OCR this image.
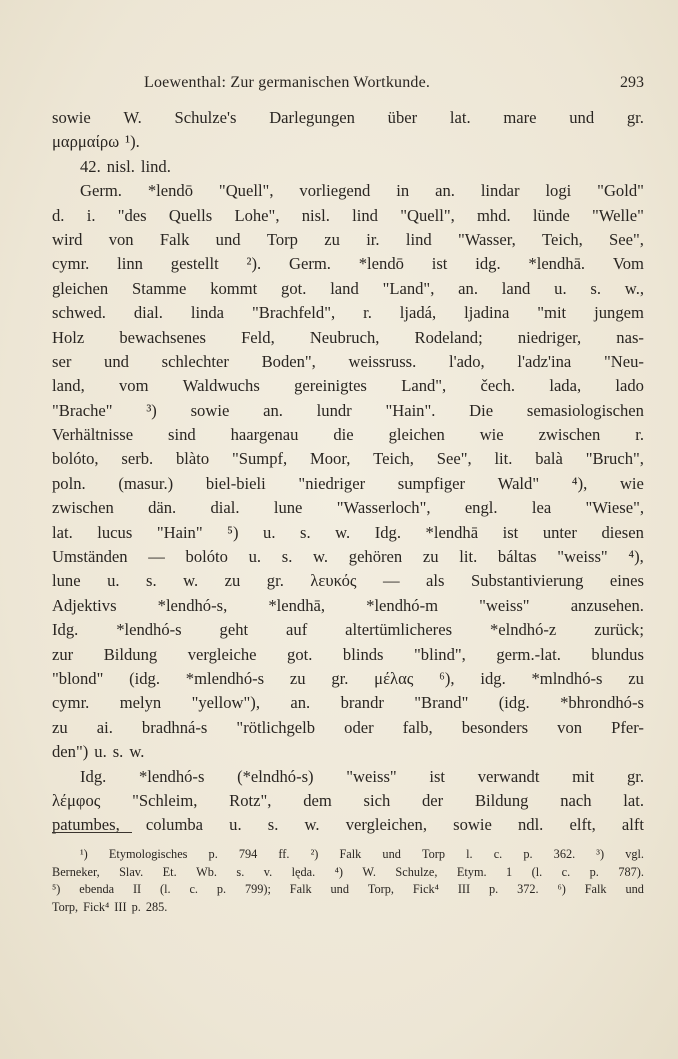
Loewenthal: Zur germanischen Wortkunde.	293
sowie W. Schulze's Darlegungen über lat. mare und gr.
μαρμαίρω ¹).
42. nisl. lind.
Germ. *lendō "Quell", vorliegend in an. lindar logi "Gold"
d. i. "des Quells Lohe", nisl. lind "Quell", mhd. lünde "Welle"
wird von Falk und Torp zu ir. lind "Wasser, Teich, See",
cymr. linn gestellt ²). Germ. *lendō ist idg. *lendhā. Vom
gleichen Stamme kommt got. land "Land", an. land u. s. w.,
schwed. dial. linda "Brachfeld", r. ljadá, ljadina "mit jungem
Holz bewachsenes Feld, Neubruch, Rodeland; niedriger, nas-
ser und schlechter Boden", weissruss. l'ado, l'adz'ina "Neu-
land, vom Waldwuchs gereinigtes Land", čech. lada, lado
"Brache" ³) sowie an. lundr "Hain". Die semasiologischen
Verhältnisse sind haargenau die gleichen wie zwischen r.
bolóto, serb. blàto "Sumpf, Moor, Teich, See", lit. balà "Bruch",
poln. (masur.) biel-bieli "niedriger sumpfiger Wald" ⁴), wie
zwischen dän. dial. lune "Wasserloch", engl. lea "Wiese",
lat. lucus "Hain" ⁵) u. s. w. Idg. *lendhā ist unter diesen
Umständen — bolóto u. s. w. gehören zu lit. báltas "weiss" ⁴),
lune u. s. w. zu gr. λευκός — als Substantivierung eines
Adjektivs *lendhó-s, *lendhā, *lendhó-m "weiss" anzusehen.
Idg. *lendhó-s geht auf altertümlicheres *elndhó-z zurück;
zur Bildung vergleiche got. blinds "blind", germ.-lat. blundus
"blond" (idg. *mlendhó-s zu gr. μέλας ⁶), idg. *mlndhó-s zu
cymr. melyn "yellow"), an. brandr "Brand" (idg. *bhrondhó-s
zu ai. bradhná-s "rötlichgelb oder falb, besonders von Pfer-
den") u. s. w.
Idg. *lendhó-s (*elndhó-s) "weiss" ist verwandt mit gr.
λέμφος "Schleim, Rotz", dem sich der Bildung nach lat.
patumbes, columba u. s. w. vergleichen, sowie ndl. elft, alft
¹) Etymologisches p. 794 ff. ²) Falk und Torp l. c. p. 362. ³) vgl.
Berneker, Slav. Et. Wb. s. v. lęda. ⁴) W. Schulze, Etym. 1 (l. c. p. 787).
⁵) ebenda II (l. c. p. 799); Falk und Torp, Fick⁴ III p. 372. ⁶) Falk und
Torp, Fick⁴ III p. 285.
